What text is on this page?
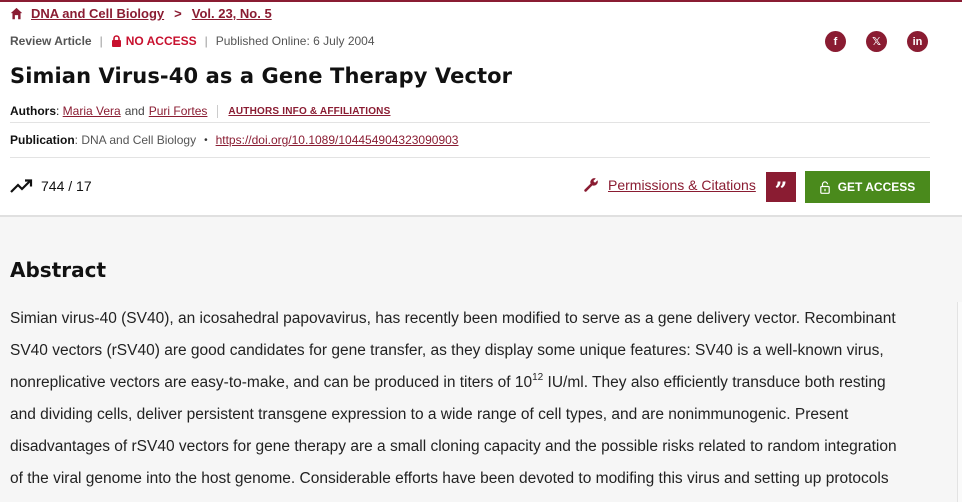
DNA and Cell Biology > Vol. 23, No. 5
Review Article | NO ACCESS | Published Online: 6 July 2004	f	𝕏	in
Simian Virus-40 as a Gene Therapy Vector
Authors : Maria Vera and Puri Fortes AUTHORS INFO & AFFILIATIONS
Publication : DNA and Cell Biology • https://doi.org/10.1089/104454904323090903
744 / 17	Permissions & Citations ”	GET ACCESS
Abstract
Simian virus-40 (SV40), an icosahedral papovavirus, has recently been modified to serve as a gene delivery vector. Recombinant
SV40 vectors (rSV40) are good candidates for gene transfer, as they display some unique features: SV40 is a well-known virus,
nonreplicative vectors are easy-to-make, and can be produced in titers of $10^{12}$ IU/ml. They also efficiently transduce both resting
and dividing cells, deliver persistent transgene expression to a wide range of cell types, and are nonimmunogenic. Present
disadvantages of rSV40 vectors for gene therapy are a small cloning capacity and the possible risks related to random integration
of the viral genome into the host genome. Considerable efforts have been devoted to modifing this virus and setting up protocols
